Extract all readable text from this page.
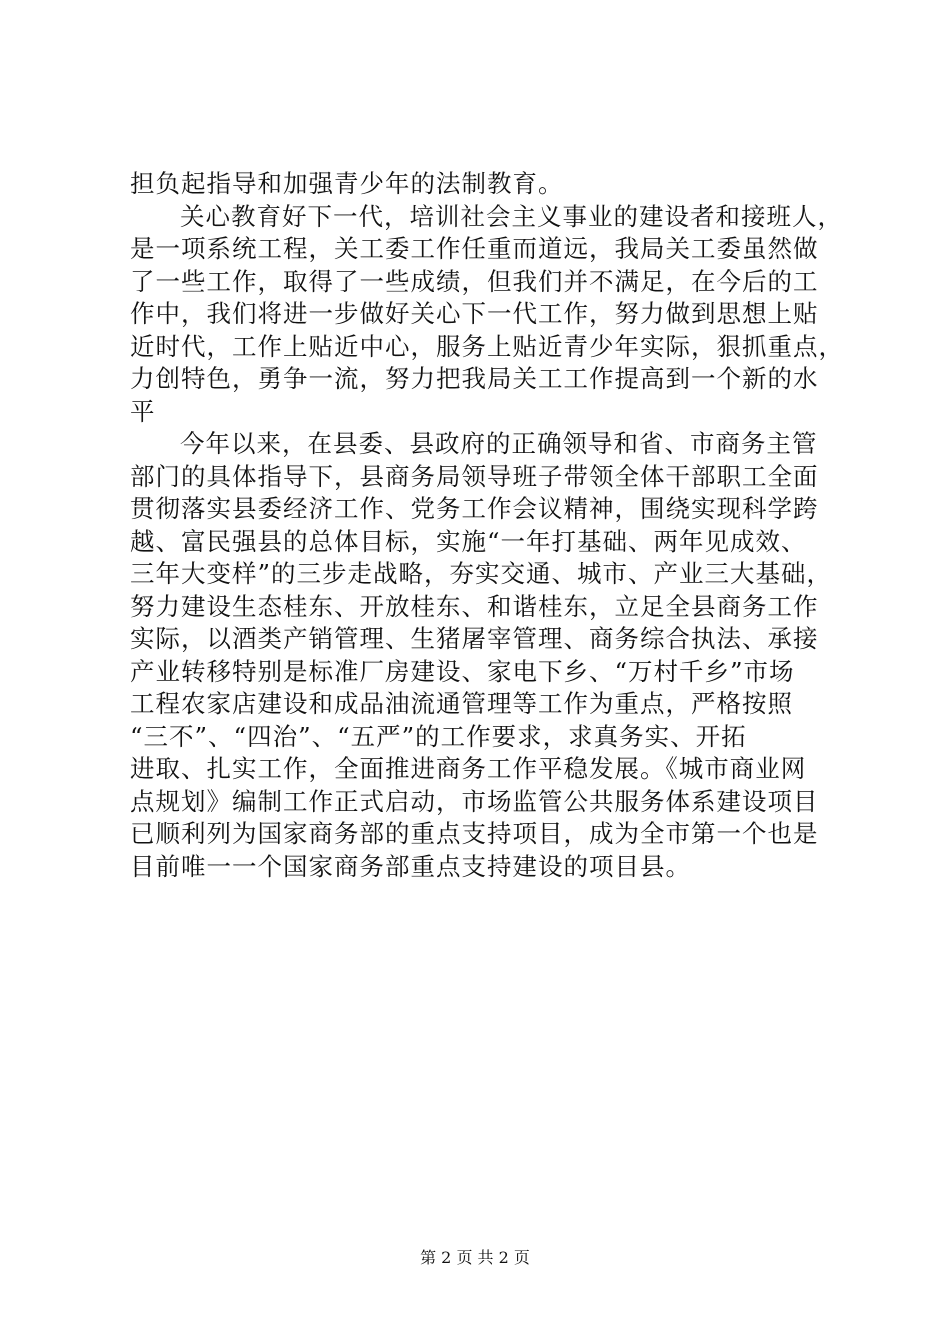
担负起指导和加强青少年的法制教育。
关心教育好下一代，培训社会主义事业的建设者和接班人，
是一项系统工程，关工委工作任重而道远，我局关工委虽然做
了一些工作，取得了一些成绩，但我们并不满足，在今后的工
作中，我们将进一步做好关心下一代工作，努力做到思想上贴
近时代，工作上贴近中心，服务上贴近青少年实际，狠抓重点，
力创特色，勇争一流，努力把我局关工工作提高到一个新的水
平
今年以来，在县委、县政府的正确领导和省、市商务主管
部门的具体指导下，县商务局领导班子带领全体干部职工全面
贯彻落实县委经济工作、党务工作会议精神，围绕实现科学跨
越、富民强县的总体目标，实施“一年打基础、两年见成效、
三年大变样”的三步走战略，夯实交通、城市、产业三大基础，
努力建设生态桂东、开放桂东、和谐桂东，立足全县商务工作
实际，以酒类产销管理、生猪屠宰管理、商务综合执法、承接
产业转移特别是标准厂房建设、家电下乡、“万村千乡”市场
工程农家店建设和成品油流通管理等工作为重点，严格按照
“三不”、“四治”、“五严”的工作要求，求真务实、开拓
进取、扎实工作，全面推进商务工作平稳发展。《城市商业网
点规划》编制工作正式启动，市场监管公共服务体系建设项目
已顺利列为国家商务部的重点支持项目，成为全市第一个也是
目前唯一一个国家商务部重点支持建设的项目县。
第 2 页 共 2 页
